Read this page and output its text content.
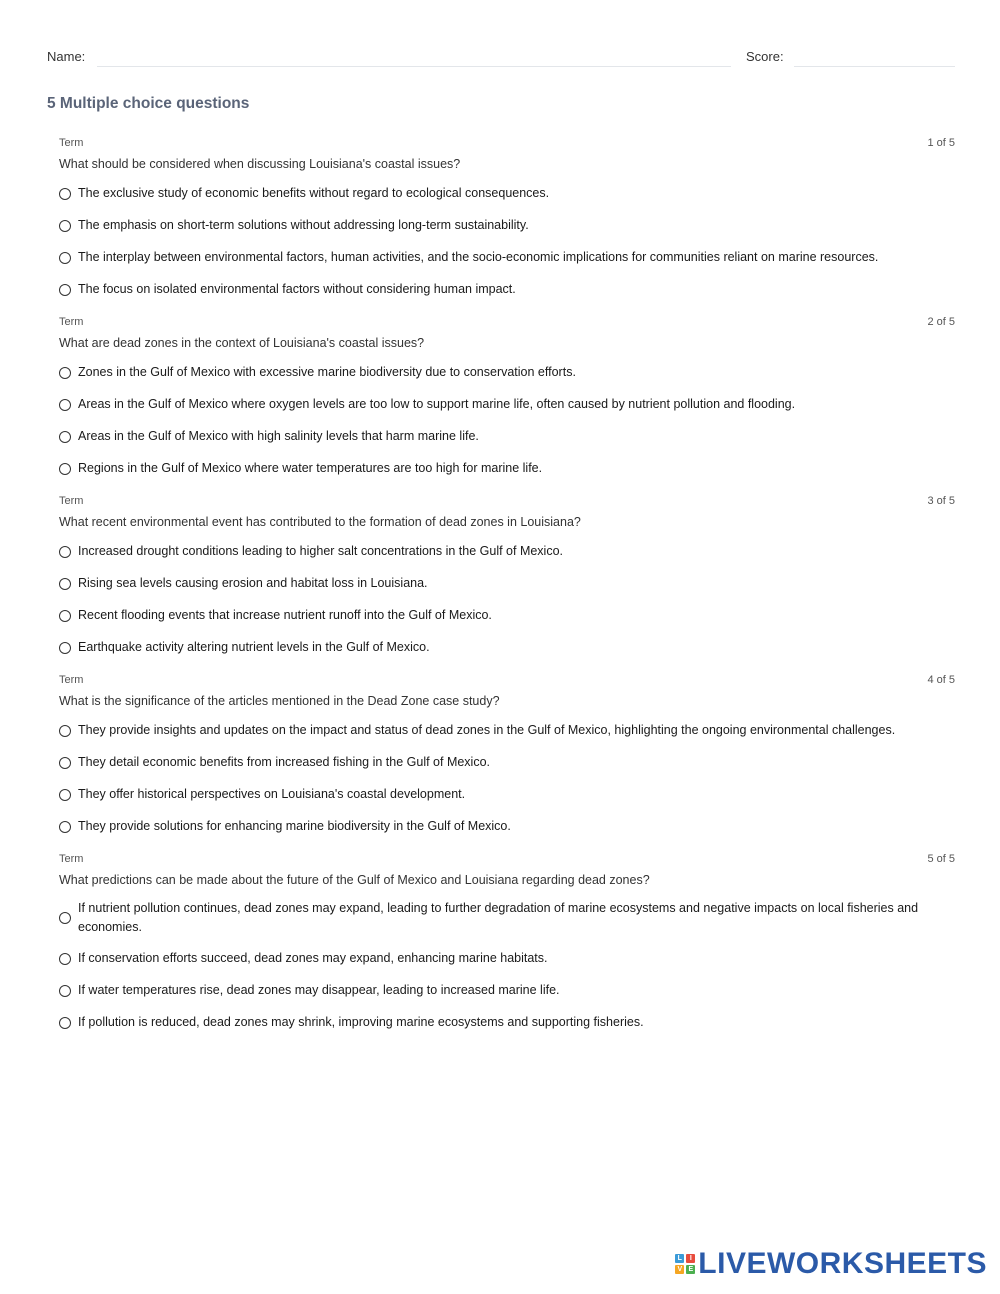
Name:	Score:
5 Multiple choice questions
Term	1 of 5
What should be considered when discussing Louisiana's coastal issues?
The exclusive study of economic benefits without regard to ecological consequences.
The emphasis on short-term solutions without addressing long-term sustainability.
The interplay between environmental factors, human activities, and the socio-economic implications for communities reliant on marine resources.
The focus on isolated environmental factors without considering human impact.
Term	2 of 5
What are dead zones in the context of Louisiana's coastal issues?
Zones in the Gulf of Mexico with excessive marine biodiversity due to conservation efforts.
Areas in the Gulf of Mexico where oxygen levels are too low to support marine life, often caused by nutrient pollution and flooding.
Areas in the Gulf of Mexico with high salinity levels that harm marine life.
Regions in the Gulf of Mexico where water temperatures are too high for marine life.
Term	3 of 5
What recent environmental event has contributed to the formation of dead zones in Louisiana?
Increased drought conditions leading to higher salt concentrations in the Gulf of Mexico.
Rising sea levels causing erosion and habitat loss in Louisiana.
Recent flooding events that increase nutrient runoff into the Gulf of Mexico.
Earthquake activity altering nutrient levels in the Gulf of Mexico.
Term	4 of 5
What is the significance of the articles mentioned in the Dead Zone case study?
They provide insights and updates on the impact and status of dead zones in the Gulf of Mexico, highlighting the ongoing environmental challenges.
They detail economic benefits from increased fishing in the Gulf of Mexico.
They offer historical perspectives on Louisiana's coastal development.
They provide solutions for enhancing marine biodiversity in the Gulf of Mexico.
Term	5 of 5
What predictions can be made about the future of the Gulf of Mexico and Louisiana regarding dead zones?
If nutrient pollution continues, dead zones may expand, leading to further degradation of marine ecosystems and negative impacts on local fisheries and economies.
If conservation efforts succeed, dead zones may expand, enhancing marine habitats.
If water temperatures rise, dead zones may disappear, leading to increased marine life.
If pollution is reduced, dead zones may shrink, improving marine ecosystems and supporting fisheries.
L	I
V E LIVEWORKSHEETS
